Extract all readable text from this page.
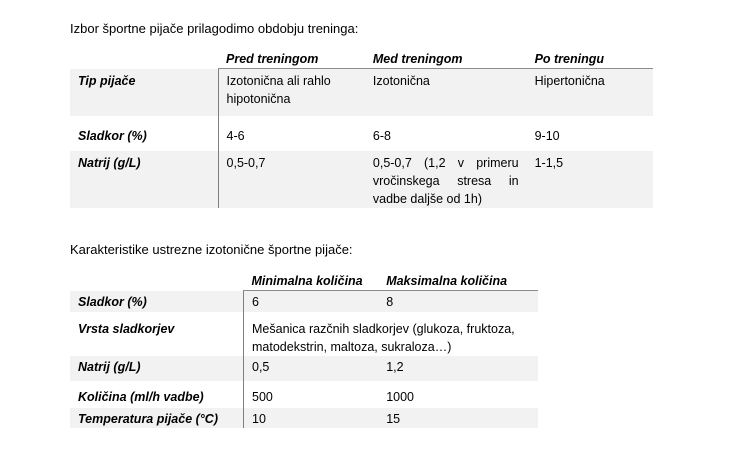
Izbor športne pijače prilagodimo obdobju treninga:

	Pred treningom	Med treningom	Po treningu
Tip pijače	Izotonična ali rahlo hipotonična	Izotonična	Hipertonična
Sladkor (%)	4-6	6-8	9-10
Natrij (g/L)	0,5-0,7	0,5-0,7 (1,2 v primeru vročinskega stresa in vadbe dalјše od 1h)	1-1,5

Karakteristike ustrezne izotonične športne pijače:

	Minimalna količina	Maksimalna količina
Sladkor (%)	6	8
Vrsta sladkorjev	Mešanica razčnih sladkorjev (glukoza, fruktoza, matodekstrin, maltoza, sukraloza…)	
Natrij (g/L)	0,5	1,2
Količina (ml/h vadbe)	500	1000
Temperatura pijače (°C)	10	15
